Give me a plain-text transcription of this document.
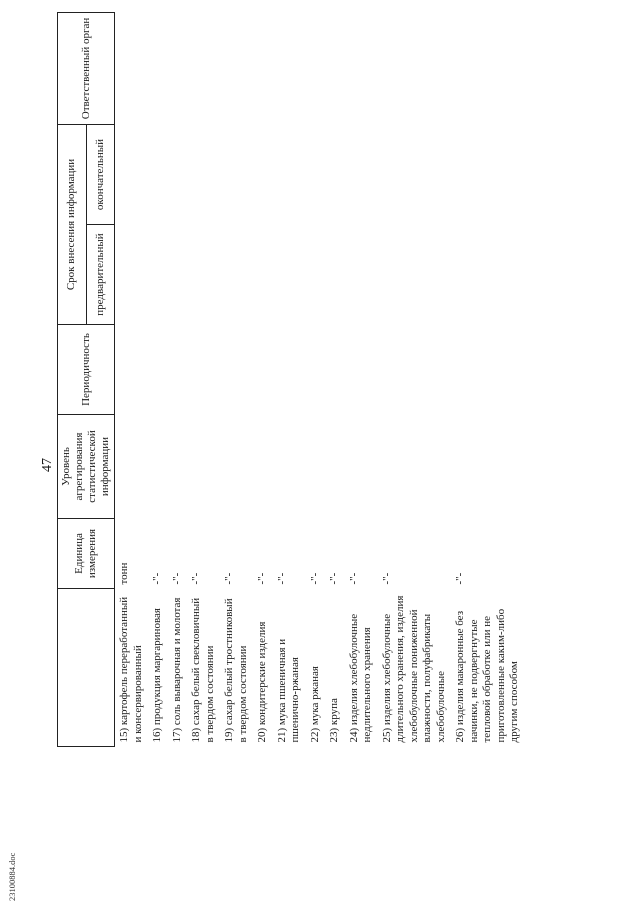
47
23100884.doc
	Единица измерения	Уровень агрегирования статистической информации	Периодичность	Срок внесения информации		Ответственный орган
				предварительный	окончательный	
15) картофель переработанный и консервированный	тонн					
16) продукция маргариновая	-"-					
17) соль выварочная и молотая	-"-					
18) сахар белый свекловичный в твердом состоянии	-"-					
19) сахар белый тростниковый в твердом состоянии	-"-					
20) кондитерские изделия	-"-					
21) мука пшеничная и пшенично-ржаная	-"-					
22) мука ржаная	-"-					
23) крупа	-"-					
24) изделия хлебобулочные недлительного хранения	-"-					
25) изделия хлебобулочные длительного хранения, изделия хлебобулочные пониженной влажности, полуфабрикаты хлебобулочные	-"-					
26) изделия макаронные без начинки, не подвергнутые тепловой обработке или не приготовленные каким-либо другим способом	-"-					
